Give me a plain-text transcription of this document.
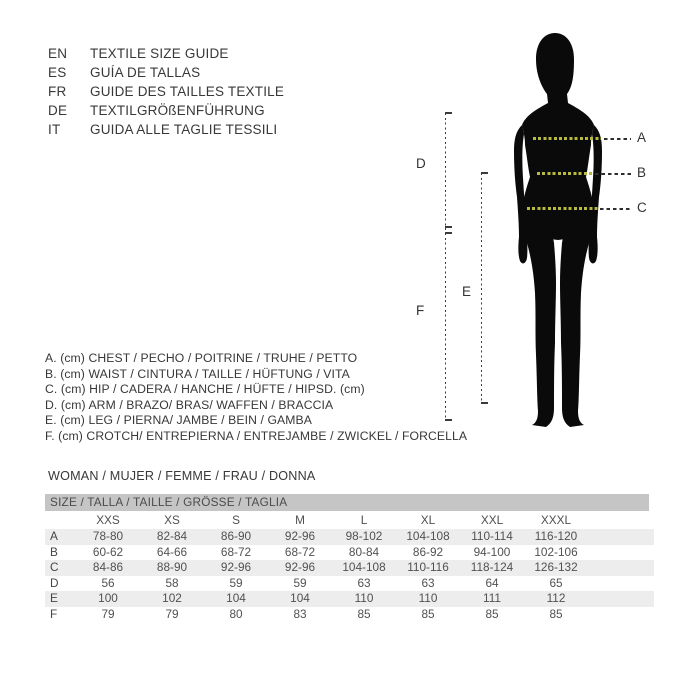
EN	TEXTILE SIZE GUIDE
ES	GUÍA DE TALLAS
FR	GUIDE DES TAILLES TEXTILE
DE	TEXTILGRÖßENFÜHRUNG
IT	GUIDA ALLE TAGLIE TESSILI
A
B
C
D
F
E
A. (cm) CHEST / PECHO / POITRINE / TRUHE / PETTO
B. (cm) WAIST / CINTURA / TAILLE / HÜFTUNG / VITA
C. (cm) HIP / CADERA / HANCHE / HÜFTE / HIPSD. (cm)
D. (cm) ARM / BRAZO/ BRAS/ WAFFEN / BRACCIA
E. (cm) LEG / PIERNA/ JAMBE / BEIN / GAMBA
F. (cm) CROTCH/ ENTREPIERNA / ENTREJAMBE / ZWICKEL / FORCELLA
WOMAN / MUJER / FEMME / FRAU / DONNA
SIZE / TALLA / TAILLE / GRÖSSE / TAGLIA
	XXS	XS	S	M	L	XL	XXL	XXXL	
A	78-80	82-84	86-90	92-96	98-102	104-108	110-114	116-120	
B	60-62	64-66	68-72	68-72	80-84	86-92	94-100	102-106	
C	84-86	88-90	92-96	92-96	104-108	110-116	118-124	126-132	
D	56	58	59	59	63	63	64	65	
E	100	102	104	104	110	110	111	112	
F	79	79	80	83	85	85	85	85	
